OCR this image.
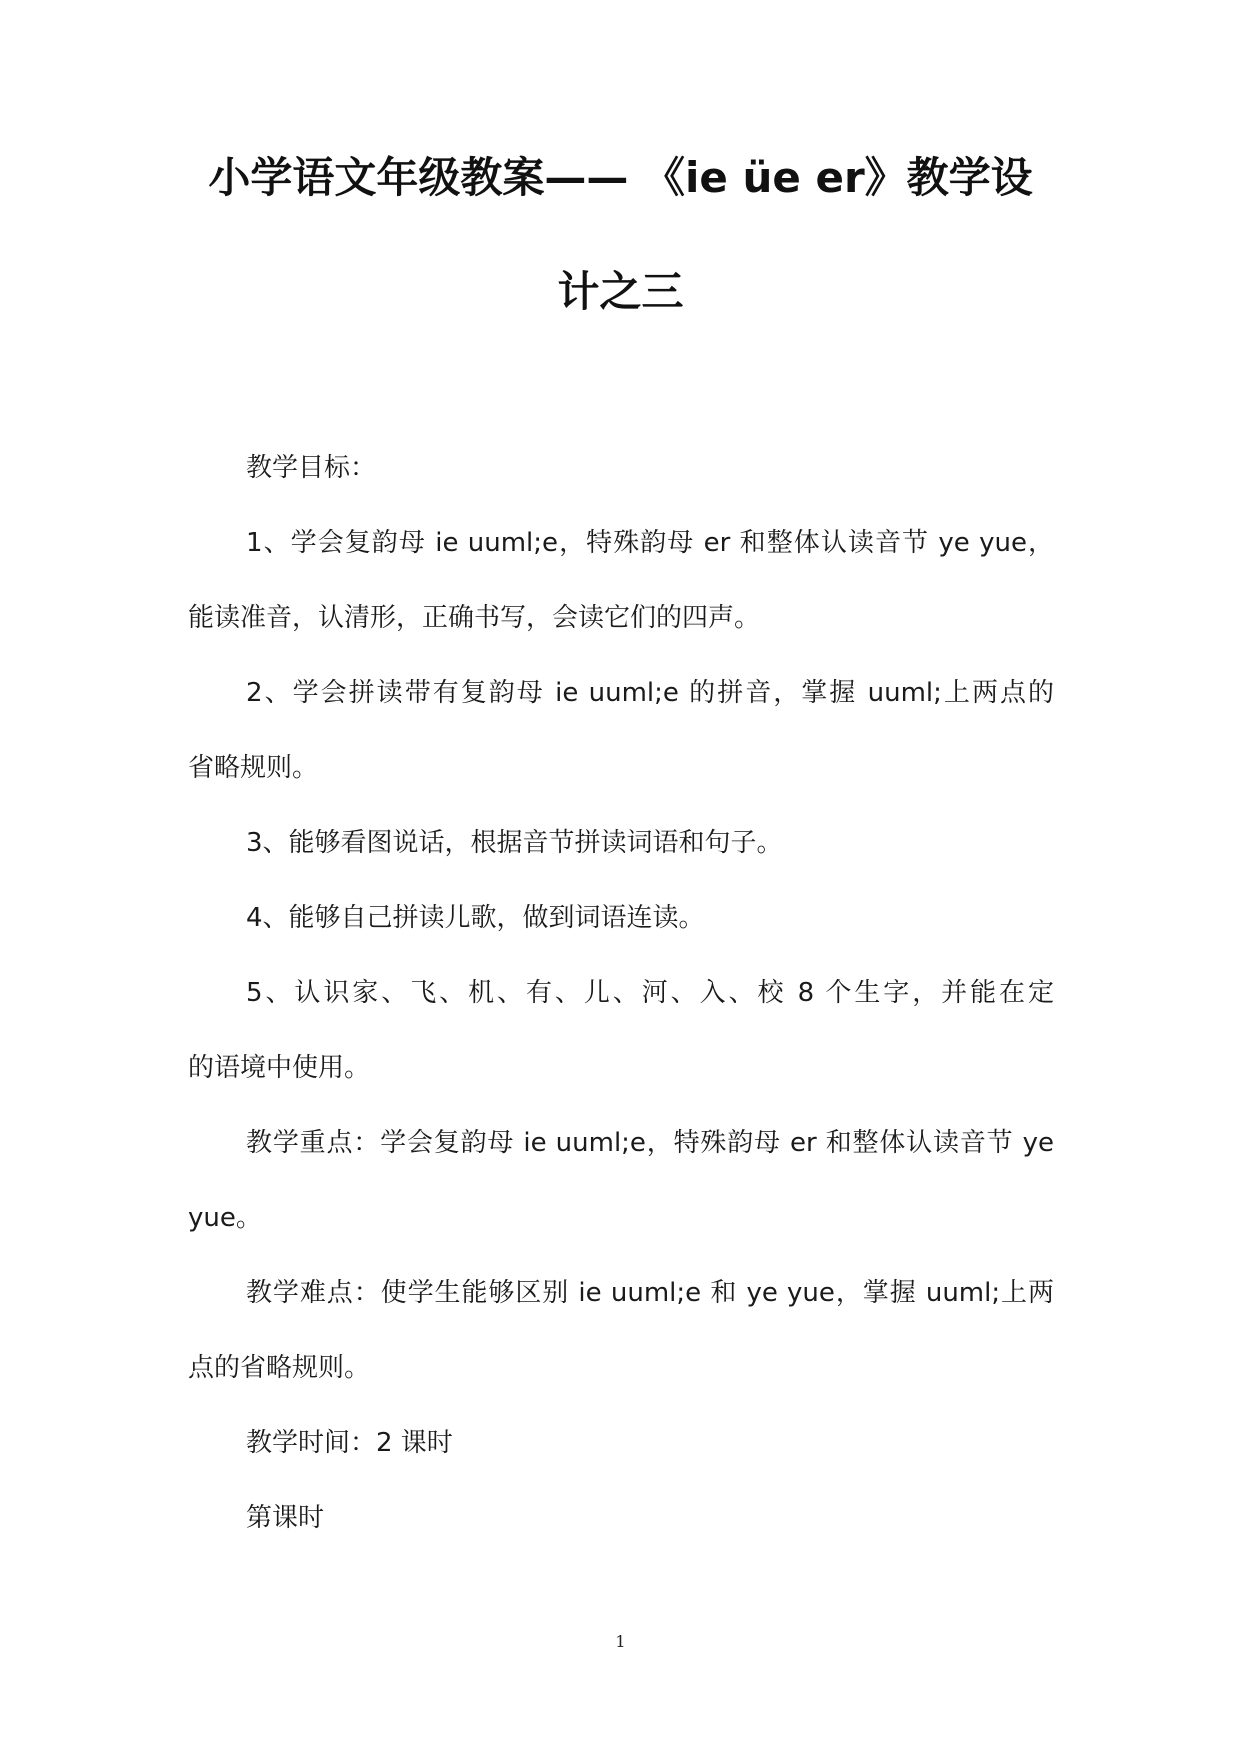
小学语文年级教案—— 《ie üe er》教学设
计之三
教学目标：
1、学会复韵母 ie uuml;e，特殊韵母 er 和整体认读音节 ye yue，
能读准音，认清形，正确书写，会读它们的四声。
2、学会拼读带有复韵母 ie uuml;e 的拼音，掌握 uuml;上两点的
省略规则。
3、能够看图说话，根据音节拼读词语和句子。
4、能够自己拼读儿歌，做到词语连读。
5、认识家、飞、机、有、儿、河、入、校 8 个生字，并能在定
的语境中使用。
教学重点：学会复韵母 ie uuml;e，特殊韵母 er 和整体认读音节 ye
yue。
教学难点：使学生能够区别 ie uuml;e 和 ye yue，掌握 uuml;上两
点的省略规则。
教学时间：2 课时
第课时
1
